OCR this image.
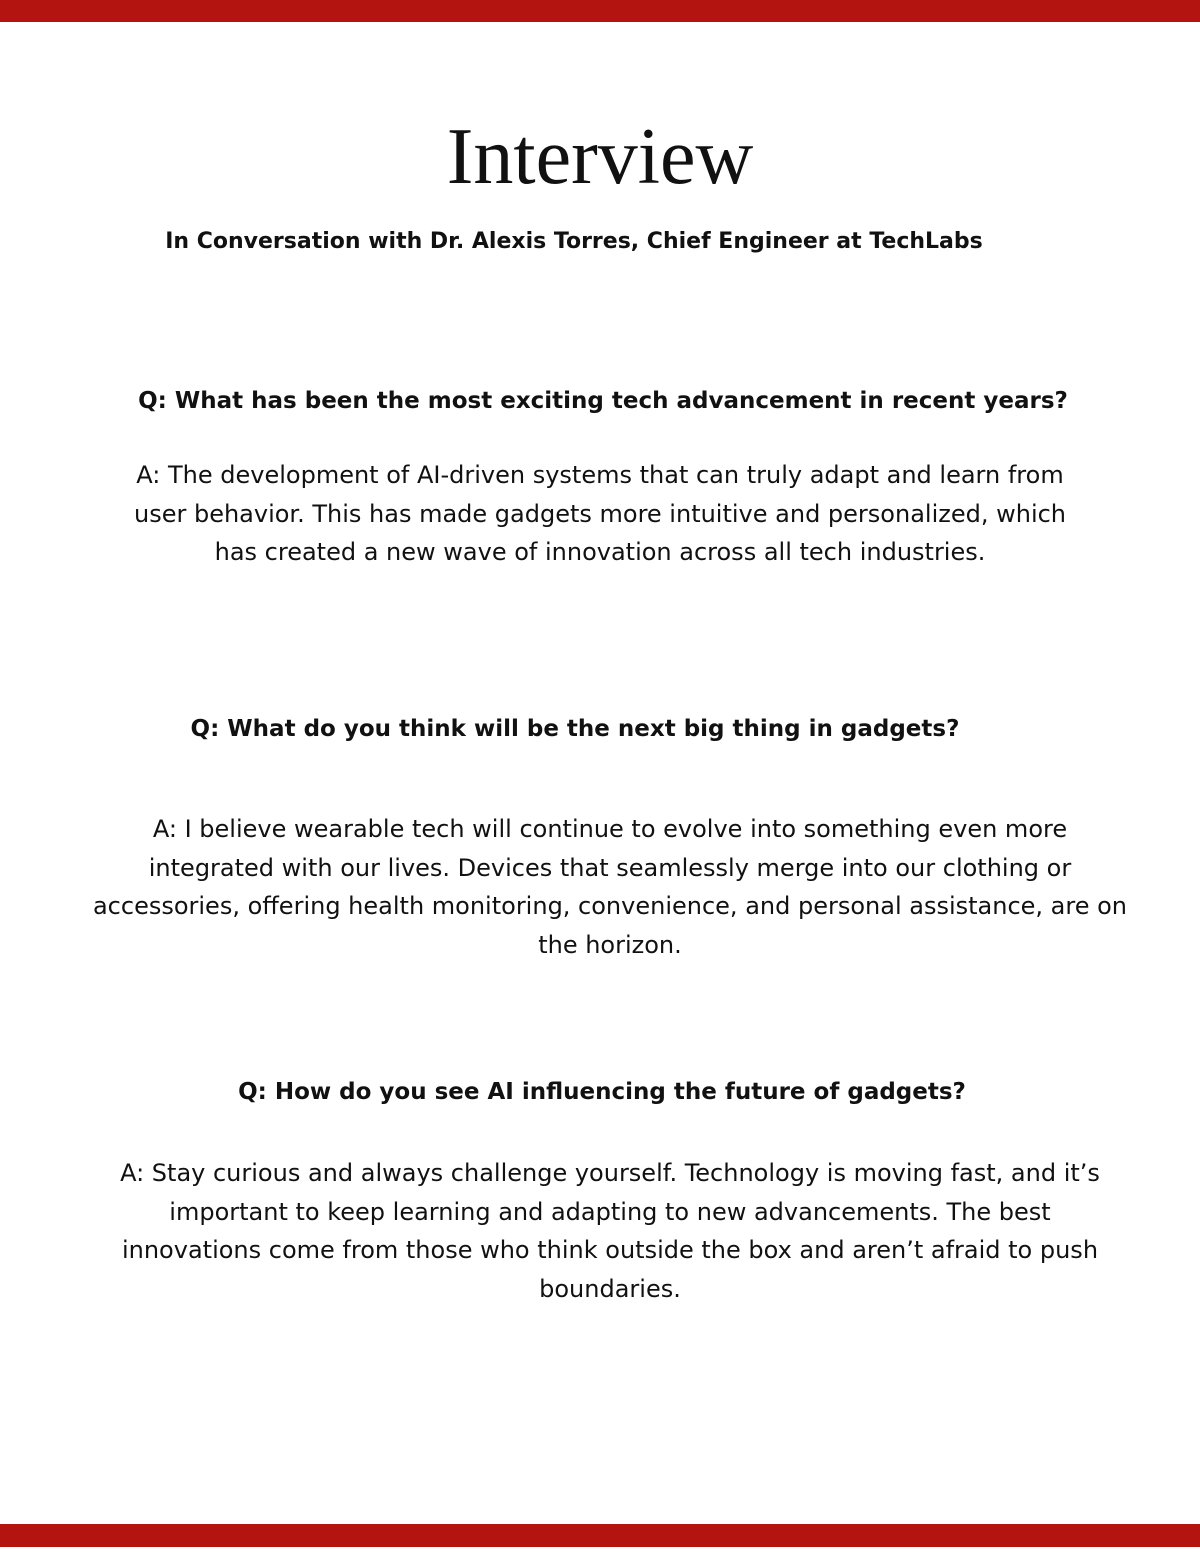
Interview

In Conversation with Dr. Alexis Torres, Chief Engineer at TechLabs

Q: What has been the most exciting tech advancement in recent years?

A: The development of AI-driven systems that can truly adapt and learn from user behavior. This has made gadgets more intuitive and personalized, which has created a new wave of innovation across all tech industries.

Q: What do you think will be the next big thing in gadgets?

A: I believe wearable tech will continue to evolve into something even more integrated with our lives. Devices that seamlessly merge into our clothing or accessories, offering health monitoring, convenience, and personal assistance, are on the horizon.

Q: How do you see AI influencing the future of gadgets?

A: Stay curious and always challenge yourself. Technology is moving fast, and it’s important to keep learning and adapting to new advancements. The best innovations come from those who think outside the box and aren’t afraid to push boundaries.
